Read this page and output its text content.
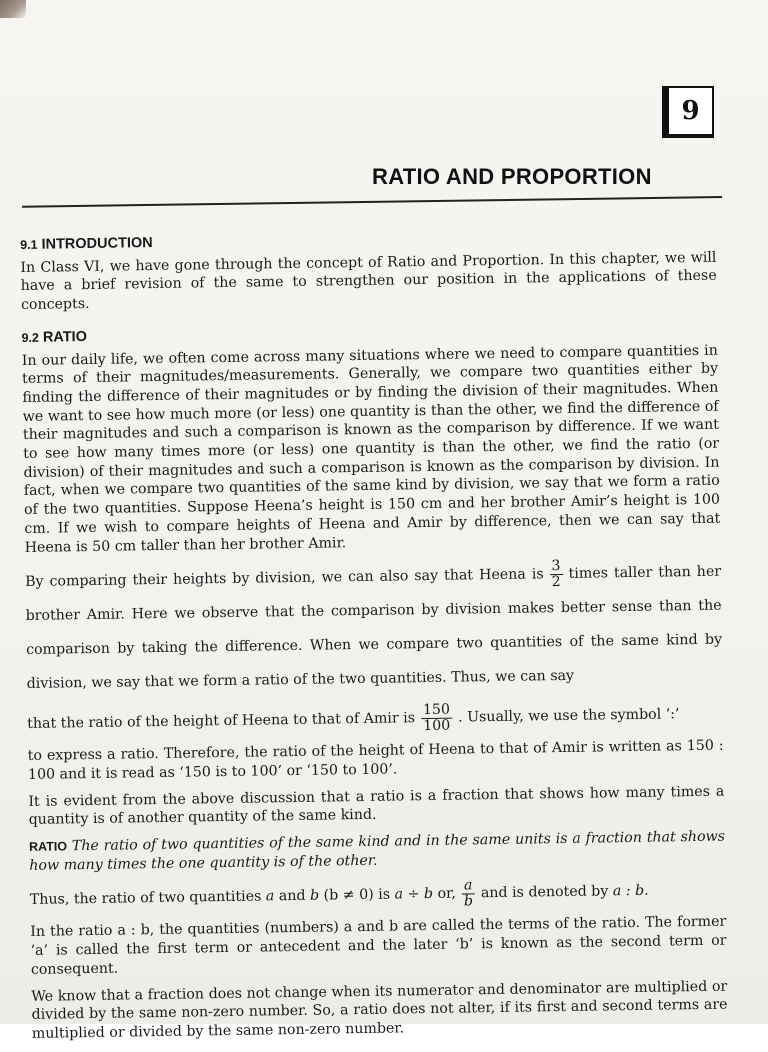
9
RATIO AND PROPORTION
9.1 INTRODUCTION

In Class VI, we have gone through the concept of Ratio and Proportion. In this chapter, we will have a brief revision of the same to strengthen our position in the applications of these concepts.

9.2 RATIO

In our daily life, we often come across many situations where we need to compare quantities in terms of their magnitudes/measurements. Generally, we compare two quantities either by finding the difference of their magnitudes or by finding the division of their magnitudes. When we want to see how much more (or less) one quantity is than the other, we find the difference of their magnitudes and such a comparison is known as the comparison by difference. If we want to see how many times more (or less) one quantity is than the other, we find the ratio (or division) of their magnitudes and such a comparison is known as the comparison by division. In fact, when we compare two quantities of the same kind by division, we say that we form a ratio of the two quantities. Suppose Heena’s height is 150 cm and her brother Amir’s height is 100 cm. If we wish to compare heights of Heena and Amir by difference, then we can say that Heena is 50 cm taller than her brother Amir.

By comparing their heights by division, we can also say that Heena is $\frac{3}{2}$ times taller than her brother Amir. Here we observe that the comparison by division makes better sense than the comparison by taking the difference. When we compare two quantities of the same kind by division, we say that we form a ratio of the two quantities. Thus, we can say

that the ratio of the height of Heena to that of Amir is $\frac{150}{100}$ . Usually, we use the symbol ‘:’

to express a ratio. Therefore, the ratio of the height of Heena to that of Amir is written as 150 : 100 and it is read as ‘150 is to 100’ or ‘150 to 100’.

It is evident from the above discussion that a ratio is a fraction that shows how many times a quantity is of another quantity of the same kind.

RATIO The ratio of two quantities of the same kind and in the same units is a fraction that shows how many times the one quantity is of the other.

Thus, the ratio of two quantities a and b (b ≠ 0) is a ÷ b or, $\frac{a}{b}$ and is denoted by a : b.

In the ratio a : b, the quantities (numbers) a and b are called the terms of the ratio. The former ‘a’ is called the first term or antecedent and the later ‘b’ is known as the second term or consequent.

We know that a fraction does not change when its numerator and denominator are multiplied or divided by the same non-zero number. So, a ratio does not alter, if its first and second terms are multiplied or divided by the same non-zero number.
